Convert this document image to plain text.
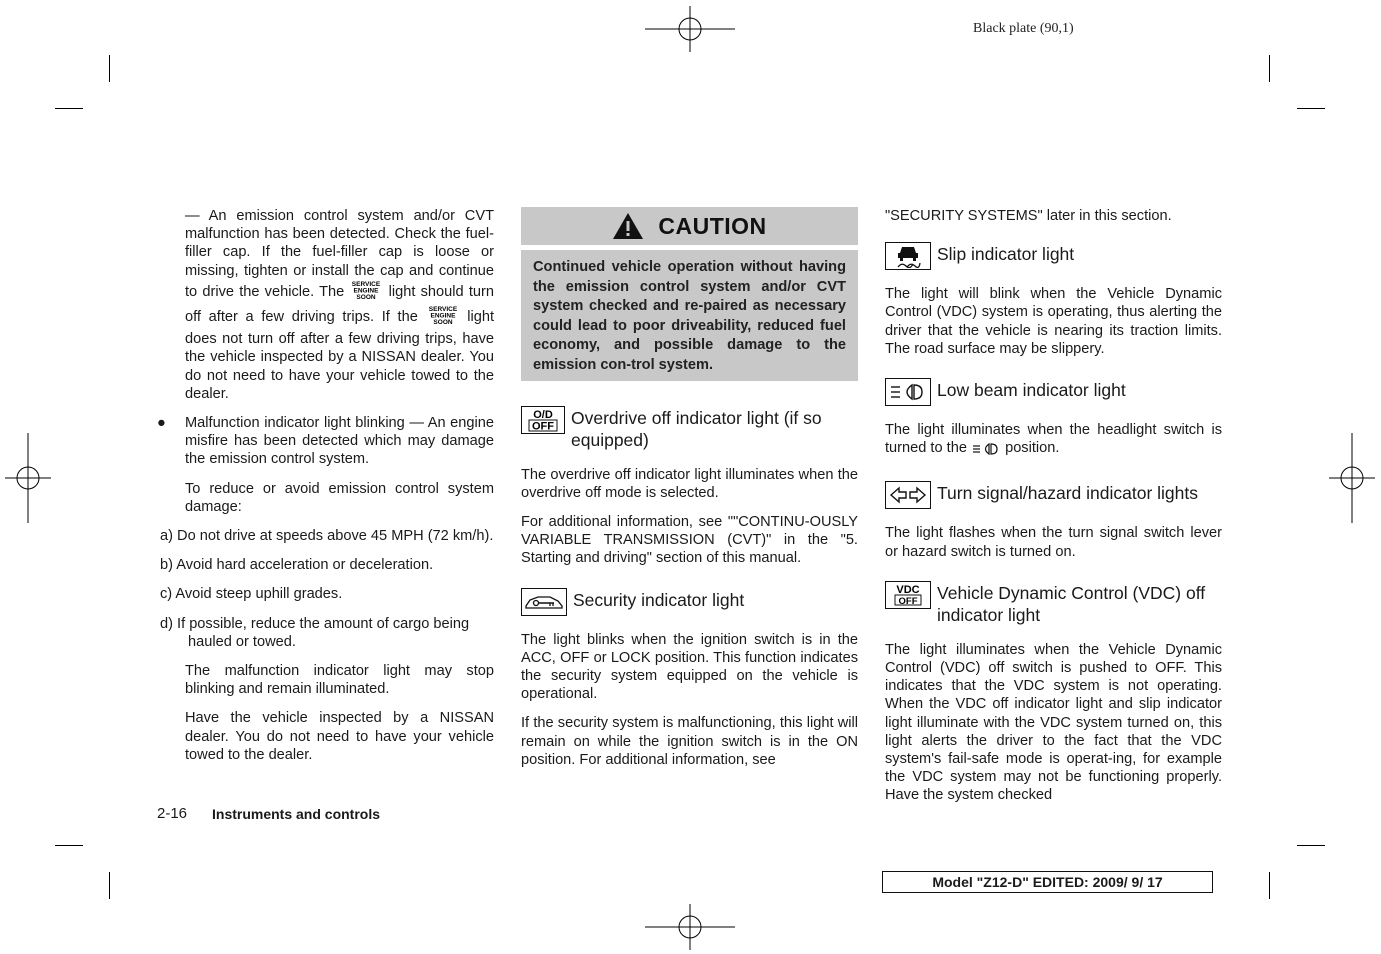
Black plate (90,1)

— An emission control system and/or CVT malfunction has been detected. Check the fuel-filler cap. If the fuel-filler cap is loose or missing, tighten or install the cap and continue to drive the vehicle. The SERVICE
ENGINE
SOON light should turn off after a few driving trips. If the SERVICE
ENGINE
SOON light does not turn off after a few driving trips, have the vehicle inspected by a NISSAN dealer. You do not need to have your vehicle towed to the dealer.

● Malfunction indicator light blinking — An engine misfire has been detected which may damage the emission control system.

To reduce or avoid emission control system damage:

a) Do not drive at speeds above 45 MPH (72 km/h).

b) Avoid hard acceleration or deceleration.

c) Avoid steep uphill grades.

d) If possible, reduce the amount of cargo being hauled or towed.

The malfunction indicator light may stop blinking and remain illuminated.

Have the vehicle inspected by a NISSAN dealer. You do not need to have your vehicle towed to the dealer.

CAUTION
Continued vehicle operation without having the emission control system and/or CVT system checked and re-paired as necessary could lead to poor driveability, reduced fuel economy, and possible damage to the emission con-trol system.
O/D
OFF Overdrive off indicator light (if so equipped)

The overdrive off indicator light illuminates when the overdrive off mode is selected.

For additional information, see ""CONTINU-OUSLY VARIABLE TRANSMISSION (CVT)" in the "5. Starting and driving" section of this manual.

Security indicator light

The light blinks when the ignition switch is in the ACC, OFF or LOCK position. This function indicates the security system equipped on the vehicle is operational.

If the security system is malfunctioning, this light will remain on while the ignition switch is in the ON position. For additional information, see

"SECURITY SYSTEMS" later in this section.

Slip indicator light

The light will blink when the Vehicle Dynamic Control (VDC) system is operating, thus alerting the driver that the vehicle is nearing its traction limits. The road surface may be slippery.

Low beam indicator light

The light illuminates when the headlight switch is turned to the	position.

Turn signal/hazard indicator lights

The light flashes when the turn signal switch lever or hazard switch is turned on.

VDC
OFF Vehicle Dynamic Control (VDC) off indicator light

The light illuminates when the Vehicle Dynamic Control (VDC) off switch is pushed to OFF. This indicates that the VDC system is not operating. When the VDC off indicator light and slip indicator light illuminate with the VDC system turned on, this light alerts the driver to the fact that the VDC system's fail-safe mode is operat-ing, for example the VDC system may not be functioning properly. Have the system checked

2-16 Instruments and controls
Model "Z12-D" EDITED: 2009/ 9/ 17
